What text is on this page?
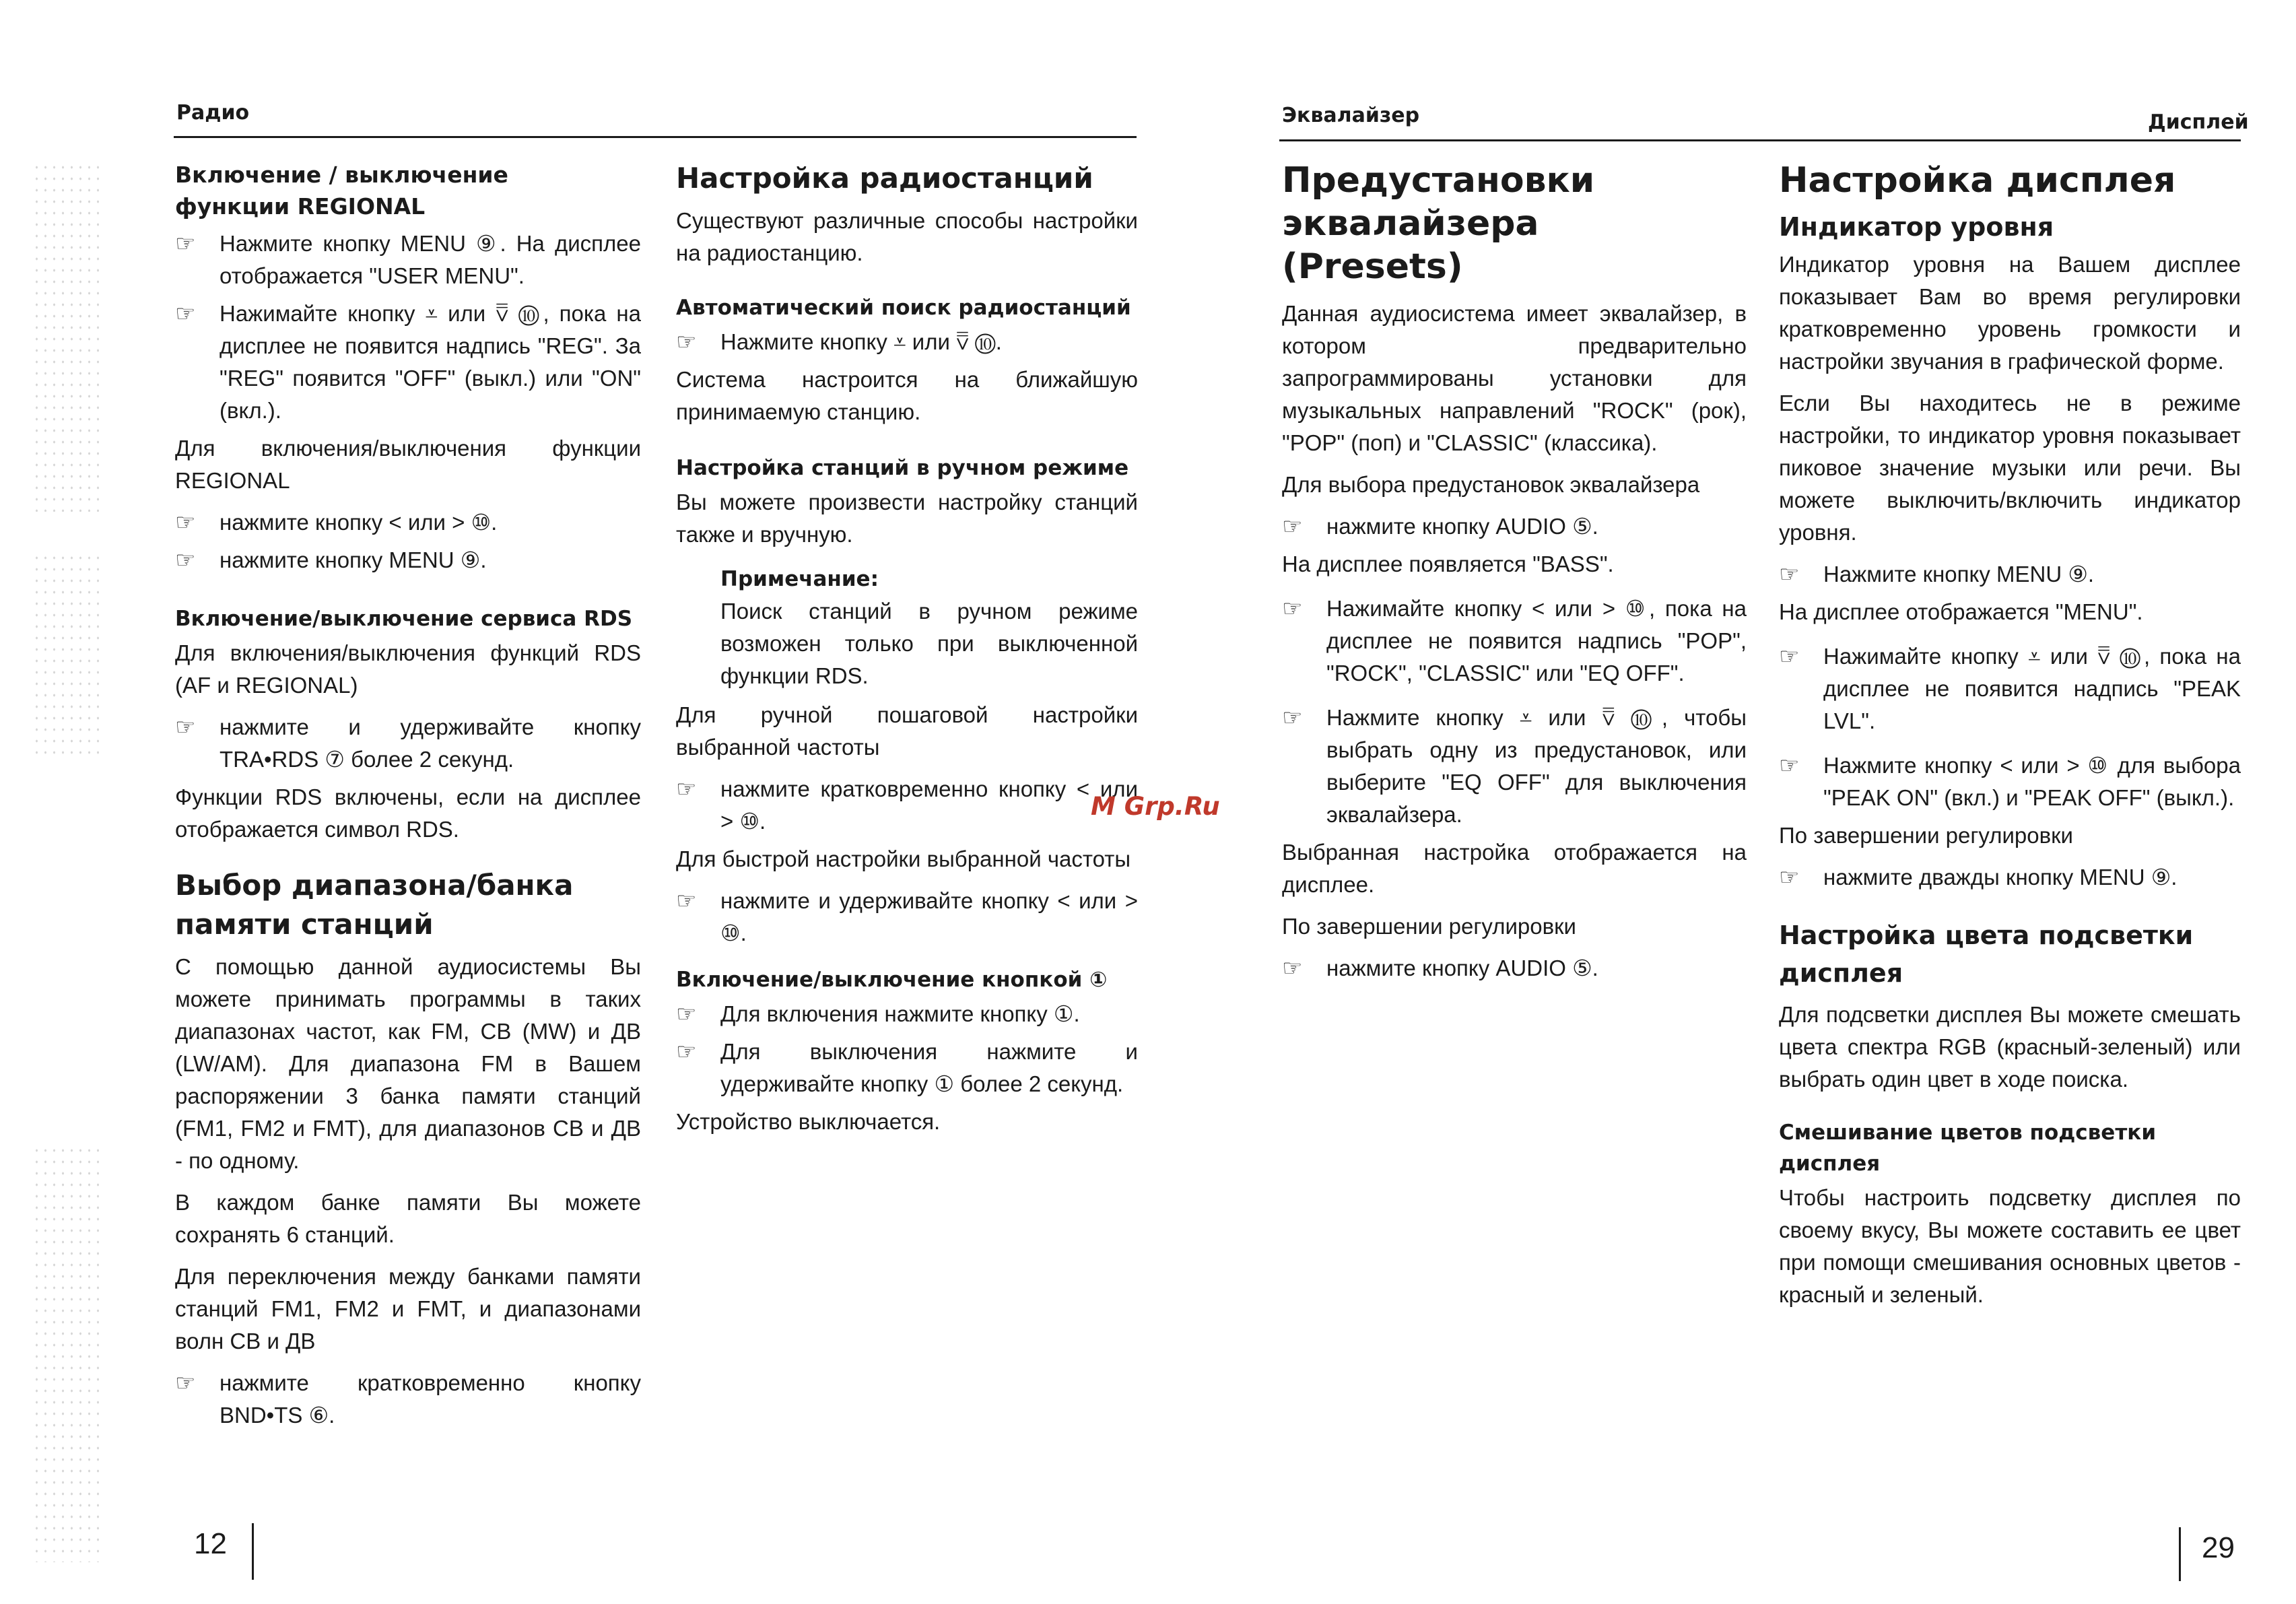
Радио
Включение / выключение функции REGIONAL
☞ Нажмите кнопку MENU ⑨. На дисплее отображается "USER MENU".
☞ Нажимайте кнопку ⩡ или ⩢ ⑩, пока на дисплее не появится надпись "REG". За "REG" появится "OFF" (выкл.) или "ON" (вкл.).

Для включения/выключения функции REGIONAL

☞ нажмите кнопку < или > ⑩.
☞ нажмите кнопку MENU ⑨.
Включение/выключение сервиса RDS

Для включения/выключения функций RDS (AF и REGIONAL)

☞ нажмите и удерживайте кнопку TRA•RDS ⑦ более 2 секунд.

Функции RDS включены, если на дисплее отображается символ RDS.

Выбор диапазона/банка памяти станций

С помощью данной аудиосистемы Вы можете принимать программы в таких диапазонах частот, как FM, СВ (MW) и ДВ (LW/AM). Для диапазона FM в Вашем распоряжении 3 банка памяти станций (FM1, FM2 и FMT), для диапазонов СВ и ДВ - по одному.

В каждом банке памяти Вы можете сохранять 6 станций.

Для переключения между банками памяти станций FM1, FM2 и FMT, и диапазонами волн СВ и ДВ

☞ нажмите кратковременно кнопку BND•TS ⑥.
Настройка радиостанций

Существуют различные способы настройки на радиостанцию.

Автоматический поиск радиостанций
☞ Нажмите кнопку ⩡ или ⩢ ⑩.

Система настроится на ближайшую принимаемую станцию.

Настройка станций в ручном режиме

Вы можете произвести настройку станций также и вручную.

Примечание:
Поиск станций в ручном режиме возможен только при выключенной функции RDS.

Для ручной пошаговой настройки выбранной частоты

☞ нажмите кратковременно кнопку < или > ⑩.

Для быстрой настройки выбранной частоты

☞ нажмите и удерживайте кнопку < или > ⑩.
Включение/выключение кнопкой ①
☞ Для включения нажмите кнопку ①.
☞ Для выключения нажмите и удерживайте кнопку ① более 2 секунд.

Устройство выключается.

12
M Grp.Ru
Эквалайзер	Дисплей
Предустановки эквалайзера (Presets)

Данная аудиосистема имеет эквалайзер, в котором предварительно запрограммированы установки для музыкальных направлений "ROCK" (рок), "POP" (поп) и "CLASSIC" (классика).

Для выбора предустановок эквалайзера

☞ нажмите кнопку AUDIO ⑤.

На дисплее появляется "BASS".

☞ Нажимайте кнопку < или > ⑩, пока на дисплее не появится надпись "POP", "ROCK", "CLASSIC" или "EQ OFF".
☞ Нажмите кнопку ⩡ или ⩢ ⑩, чтобы выбрать одну из предустановок, или выберите "EQ OFF" для выключения эквалайзера.

Выбранная настройка отображается на дисплее.

По завершении регулировки

☞ нажмите кнопку AUDIO ⑤.
Настройка дисплея
Индикатор уровня

Индикатор уровня на Вашем дисплее показывает Вам во время регулировки кратковременно уровень громкости и настройки звучания в графической форме.

Если Вы находитесь не в режиме настройки, то индикатор уровня показывает пиковое значение музыки или речи. Вы можете выключить/включить индикатор уровня.

☞ Нажмите кнопку MENU ⑨.

На дисплее отображается "MENU".

☞ Нажимайте кнопку ⩡ или ⩢ ⑩, пока на дисплее не появится надпись "PEAK LVL".
☞ Нажмите кнопку < или > ⑩ для выбора "PEAK ON" (вкл.) и "PEAK OFF" (выкл.).

По завершении регулировки

☞ нажмите дважды кнопку MENU ⑨.
Настройка цвета подсветки дисплея

Для подсветки дисплея Вы можете смешать цвета спектра RGB (красный-зеленый) или выбрать один цвет в ходе поиска.

Смешивание цветов подсветки дисплея

Чтобы настроить подсветку дисплея по своему вкусу, Вы можете составить ее цвет при помощи смешивания основных цветов - красный и зеленый.

29
